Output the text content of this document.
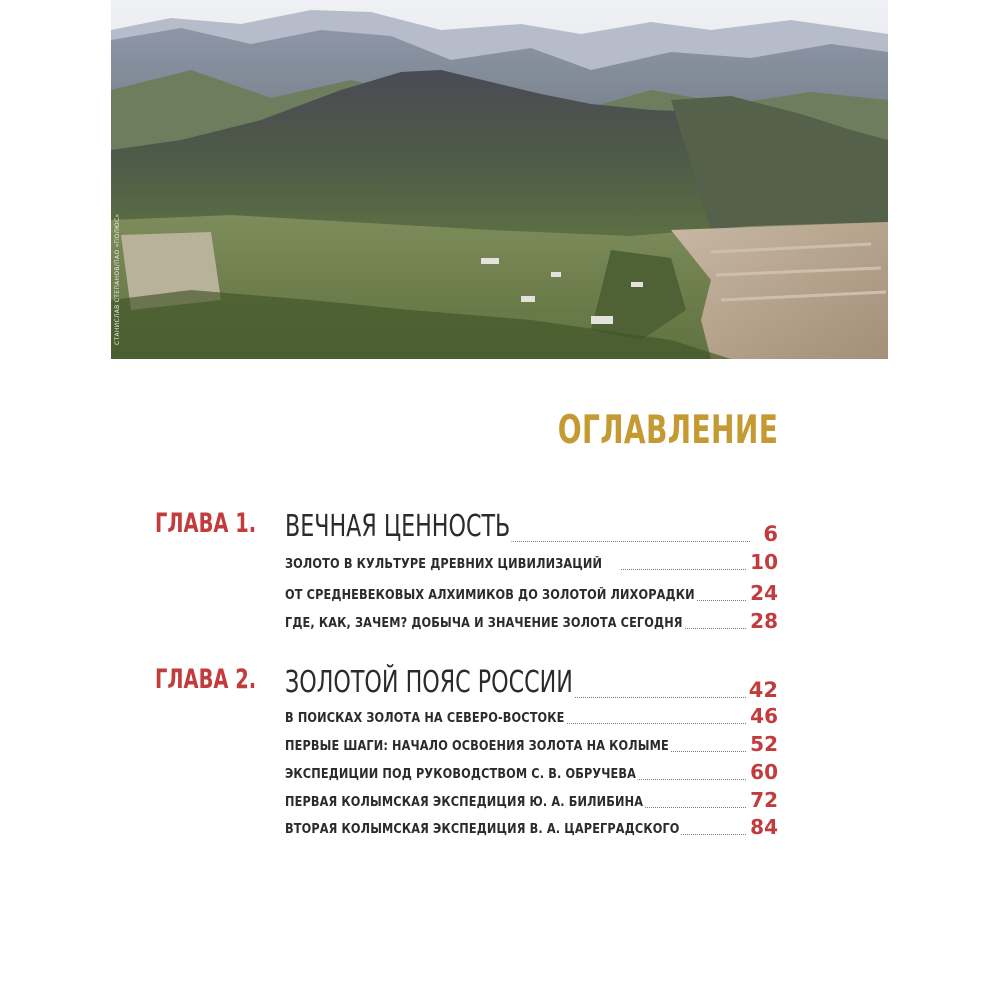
СТАНИСЛАВ СТЕПАНОВ/ПАО «ПОЛЮС»
ОГЛАВЛЕНИЕ
ГЛАВА 1. ВЕЧНАЯ ЦЕННОСТЬ	6
ЗОЛОТО В КУЛЬТУРЕ ДРЕВНИХ ЦИВИЛИЗАЦИЙ	10
ОТ СРЕДНЕВЕКОВЫХ АЛХИМИКОВ ДО ЗОЛОТОЙ ЛИХОРАДКИ	24
ГДЕ, КАК, ЗАЧЕМ? ДОБЫЧА И ЗНАЧЕНИЕ ЗОЛОТА СЕГОДНЯ	28
ГЛАВА 2. ЗОЛОТОЙ ПОЯС РОССИИ	42
В ПОИСКАХ ЗОЛОТА НА СЕВЕРО-ВОСТОКЕ	46
ПЕРВЫЕ ШАГИ: НАЧАЛО ОСВОЕНИЯ ЗОЛОТА НА КОЛЫМЕ	52
ЭКСПЕДИЦИИ ПОД РУКОВОДСТВОМ С. В. ОБРУЧЕВА	60
ПЕРВАЯ КОЛЫМСКАЯ ЭКСПЕДИЦИЯ Ю. А. БИЛИБИНА	72
ВТОРАЯ КОЛЫМСКАЯ ЭКСПЕДИЦИЯ В. А. ЦАРЕГРАДСКОГО	84
